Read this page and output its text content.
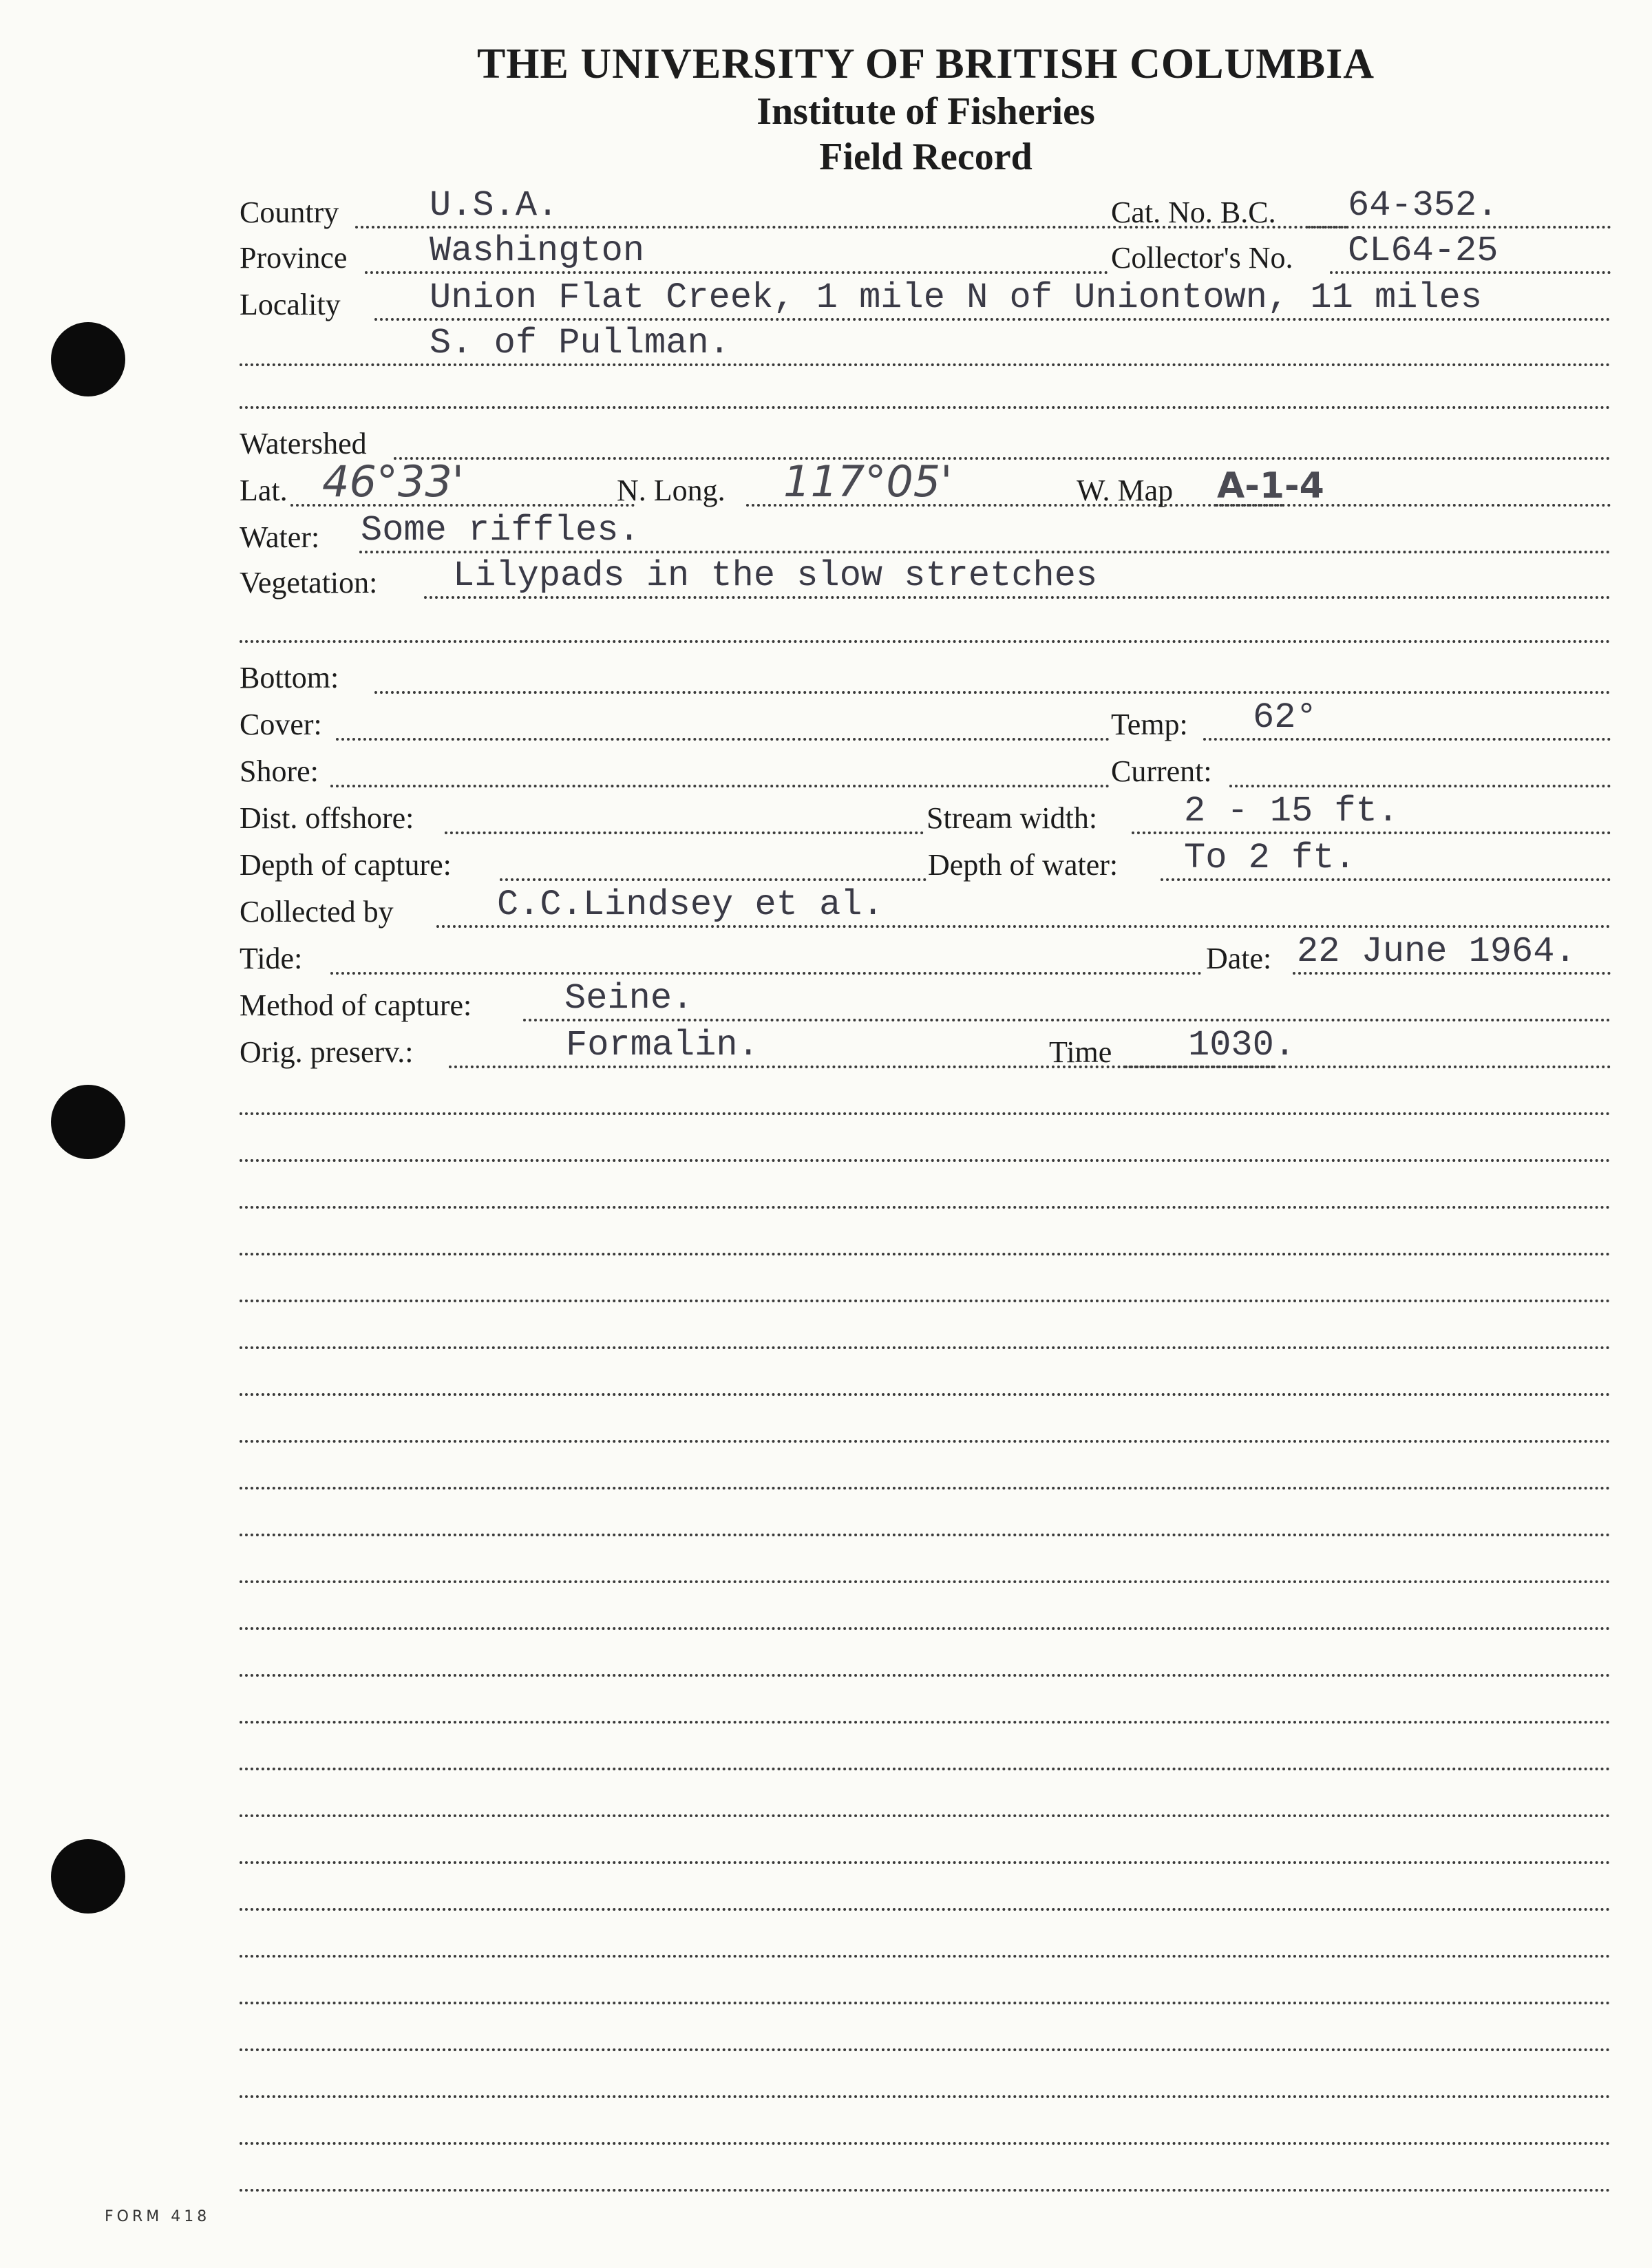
THE UNIVERSITY OF BRITISH COLUMBIA
Institute of Fisheries
Field Record
Country	U.S.A.	Cat. No. B.C. 64-352.
Province Washington	Collector's No. CL64-25
Locality Union Flat Creek, 1 mile N of Uniontown, 11 miles
S. of Pullman.
Watershed
Lat. 46°33'	N. Long. 117°05'	W. Map A-1-4
Water: Some riffles.
Vegetation: Lilypads in the slow stretches
Bottom:
Cover:	Temp: 62°
Shore:	Current:
Dist. offshore:	Stream width: 2 - 15 ft.
Depth of capture:	Depth of water: To 2 ft.
Collected by	C.C.Lindsey et al.
Tide:	Date: 22 June 1964.
Method of capture:	Seine.
Orig. preserv.:	Formalin.	Time 1030.
FORM 418
